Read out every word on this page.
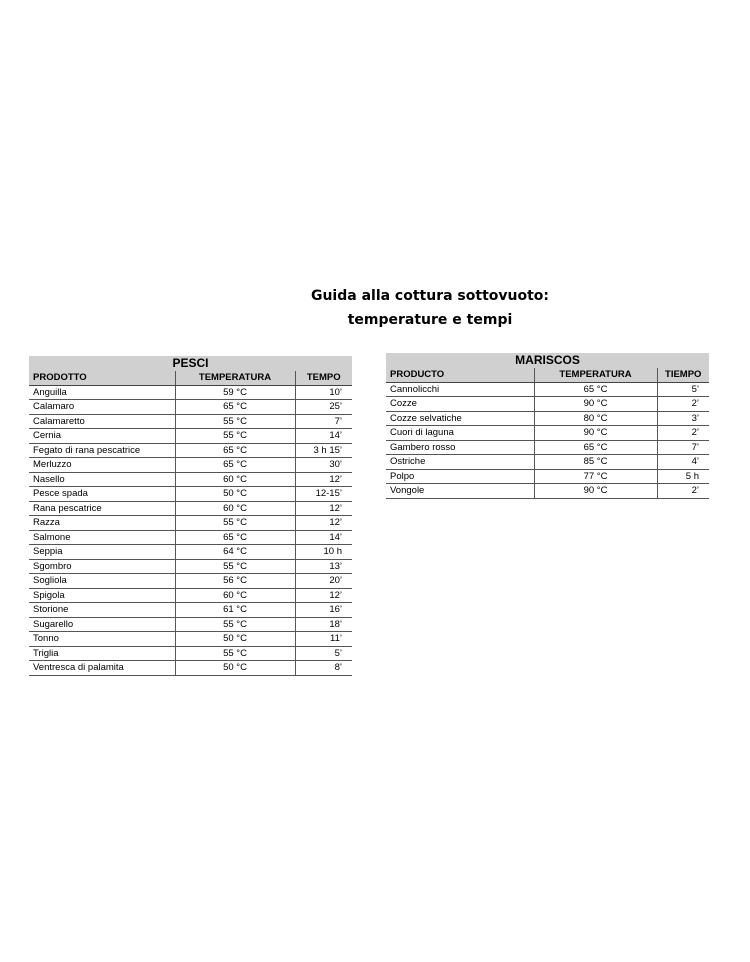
Guida alla cottura sottovuoto:
temperature e tempi
PESCI		
PRODOTTO	TEMPERATURA	TEMPO
Anguilla	59 °C	10’
Calamaro	65 °C	25’
Calamaretto	55 °C	7’
Cernia	55 °C	14’
Fegato di rana pescatrice	65 °C	3 h 15’
Merluzzo	65 °C	30’
Nasello	60 °C	12’
Pesce spada	50 °C	12-15’
Rana pescatrice	60 °C	12’
Razza	55 °C	12’
Salmone	65 °C	14’
Seppia	64 °C	10 h
Sgombro	55 °C	13’
Sogliola	56 °C	20’
Spigola	60 °C	12’
Storione	61 °C	16’
Sugarello	55 °C	18’
Tonno	50 °C	11’
Triglia	55 °C	5’
Ventresca di palamita	50 °C	8’
MARISCOS		
PRODUCTO	TEMPERATURA	TIEMPO
Cannolicchi	65 °C	5’
Cozze	90 °C	2’
Cozze selvatiche	80 °C	3’
Cuori di laguna	90 °C	2’
Gambero rosso	65 °C	7’
Ostriche	85 °C	4’
Polpo	77 °C	5 h
Vongole	90 °C	2’
